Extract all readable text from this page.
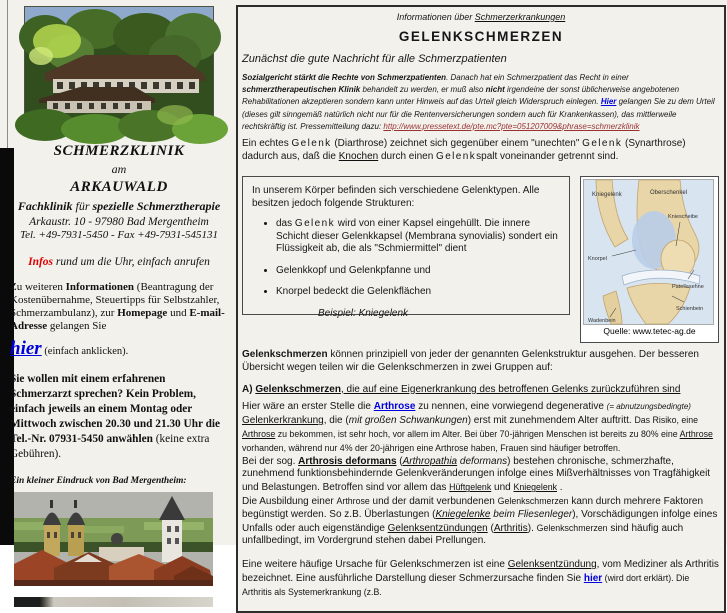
SCHMERZKLINIK
am
ARKAUWALD
Fachklinik für spezielle Schmerztherapie
Arkaustr. 10 - 97980 Bad Mergentheim
Tel. +49-7931-5450 - Fax +49-7931-545131
Infos rund um die Uhr, einfach anrufen
Zu weiteren Informationen (Beantragung der Kostenübernahme, Steuertipps für Selbstzahler, Schmerzambulanz), zur Homepage und E-mail-Adresse gelangen Sie
hier (einfach anklicken).
Sie wollen mit einem erfahrenen Schmerzarzt sprechen? Kein Problem, einfach jeweils an einem Montag oder Mittwoch zwischen 20.30 und 21.30 Uhr die Tel.-Nr. 07931-5450 anwählen (keine extra Gebühren).
Ein kleiner Eindruck von Bad Mergentheim:
Informationen über Schmerzerkrankungen
GELENKSCHMERZEN
Zunächst die gute Nachricht für alle Schmerzpatienten
Sozialgericht stärkt die Rechte von Schmerzpatienten. Danach hat ein Schmerzpatient das Recht in einer schmerztherapeutischen Klinik behandelt zu werden, er muß also nicht irgendeine der sonst üblicherweise angebotenen Rehabilitationen akzeptieren sondern kann unter Hinweis auf das Urteil gleich Widerspruch einlegen. Hier gelangen Sie zu dem Urteil (dieses gilt sinngemäß natürlich nicht nur für die Rentenversicherungen sondern auch für Krankenkassen), das mittlerweile rechtskräftig ist. Pressemitteilung dazu: http://www.pressetext.de/pte.mc?pte=051207009&phrase=schmerzklinik
Ein echtes Gelenk (Diarthrose) zeichnet sich gegenüber einem "unechten" Gelenk (Synarthrose) dadurch aus, daß die Knochen durch einen Gelenkspalt voneinander getrennt sind.
In unserem Körper befinden sich verschiedene Gelenktypen. Alle besitzen jedoch folgende Strukturen:
• das Gelenk wird von einer Kapsel eingehüllt. Die innere Schicht dieser Gelenkkapsel (Membrana synovialis) sondert ein Flüssigkeit ab, die als "Schmiermittel" dient
• Gelenkkopf und Gelenkpfanne und
• Knorpel bedeckt die Gelenkflächen
Beispiel: Kniegelenk
Kniegelenk	Oberschenkel
Kniescheibe
Knorpel
Patellasehne
Schienbein
Wadenbein
Quelle: www.tetec-ag.de
Gelenkschmerzen können prinzipiell von jeder der genannten Gelenkstruktur ausgehen. Der besseren Übersicht wegen teilen wir die Gelenkschmerzen in zwei Gruppen auf:
A) Gelenkschmerzen, die auf eine Eigenerkrankung des betroffenen Gelenks zurückzuführen sind
Hier wäre an erster Stelle die Arthrose zu nennen, eine vorwiegend degenerative (= abnutzungsbedingte) Gelenkerkrankung, die (mit großen Schwankungen) erst mit zunehmendem Alter auftritt. Das Risiko, eine Arthrose zu bekommen, ist sehr hoch, vor allem im Alter. Bei über 70-jährigen Menschen ist bereits zu 80% eine Arthrose vorhanden, während nur 4% der 20-jährigen eine Arthrose haben, Frauen sind häufiger betroffen.
Bei der sog. Arthrosis deformans (Arthropathia deformans) bestehen chronische, schmerzhafte, zunehmend funktionsbehindernde Gelenkveränderungen infolge eines Mißverhältnisses von Tragfähigkeit und Belastungen. Betroffen sind vor allem das Hüftgelenk und Kniegelenk .
Die Ausbildung einer Arthrose und der damit verbundenen Gelenkschmerzen kann durch mehrere Faktoren begünstigt werden. So z.B. Überlastungen (Kniegelenke beim Fliesenleger), Vorschädigungen infolge eines Unfalls oder auch eigenständige Gelenksentzündungen (Arthritis). Gelenkschmerzen sind häufig auch unfallbedingt, im Vordergrund stehen dabei Prellungen.
Eine weitere häufige Ursache für Gelenkschmerzen ist eine Gelenksentzündung, vom Mediziner als Arthritis bezeichnet. Eine ausführliche Darstellung dieser Schmerzursache finden Sie hier (wird dort erklärt). Die Arthritis als Systemerkrankung (z.B.
